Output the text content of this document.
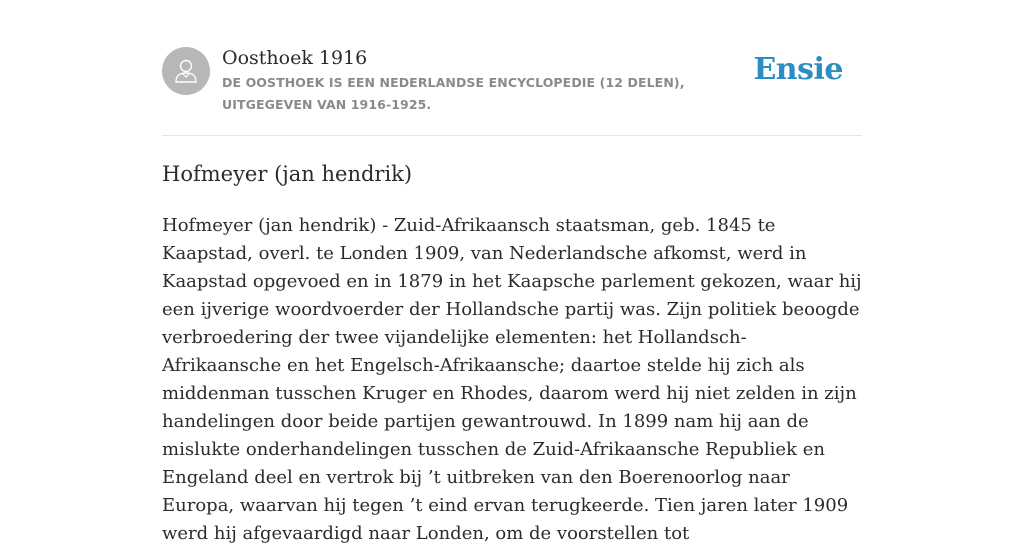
Oosthoek 1916
DE OOSTHOEK IS EEN NEDERLANDSE ENCYCLOPEDIE (12 DELEN), UITGEGEVEN VAN 1916-1925.
Ensie
Hofmeyer (jan hendrik)

Hofmeyer (jan hendrik) - Zuid-Afrikaansch staatsman, geb. 1845 te Kaapstad, overl. te Londen 1909, van Nederlandsche afkomst, werd in Kaapstad opgevoed en in 1879 in het Kaapsche parlement gekozen, waar hij een ijverige woordvoerder der Hollandsche partij was. Zijn politiek beoogde verbroedering der twee vijandelijke elementen: het Hollandsch-Afrikaansche en het Engelsch-Afrikaansche; daartoe stelde hij zich als middenman tusschen Kruger en Rhodes, daarom werd hij niet zelden in zijn handelingen door beide partijen gewantrouwd. In 1899 nam hij aan de mislukte onderhandelingen tusschen de Zuid-Afrikaansche Republiek en Engeland deel en vertrok bij ’t uitbreken van den Boerenoorlog naar Europa, waarvan hij tegen ’t eind ervan terugkeerde. Tien jaren later 1909 werd hij afgevaardigd naar Londen, om de voorstellen tot
